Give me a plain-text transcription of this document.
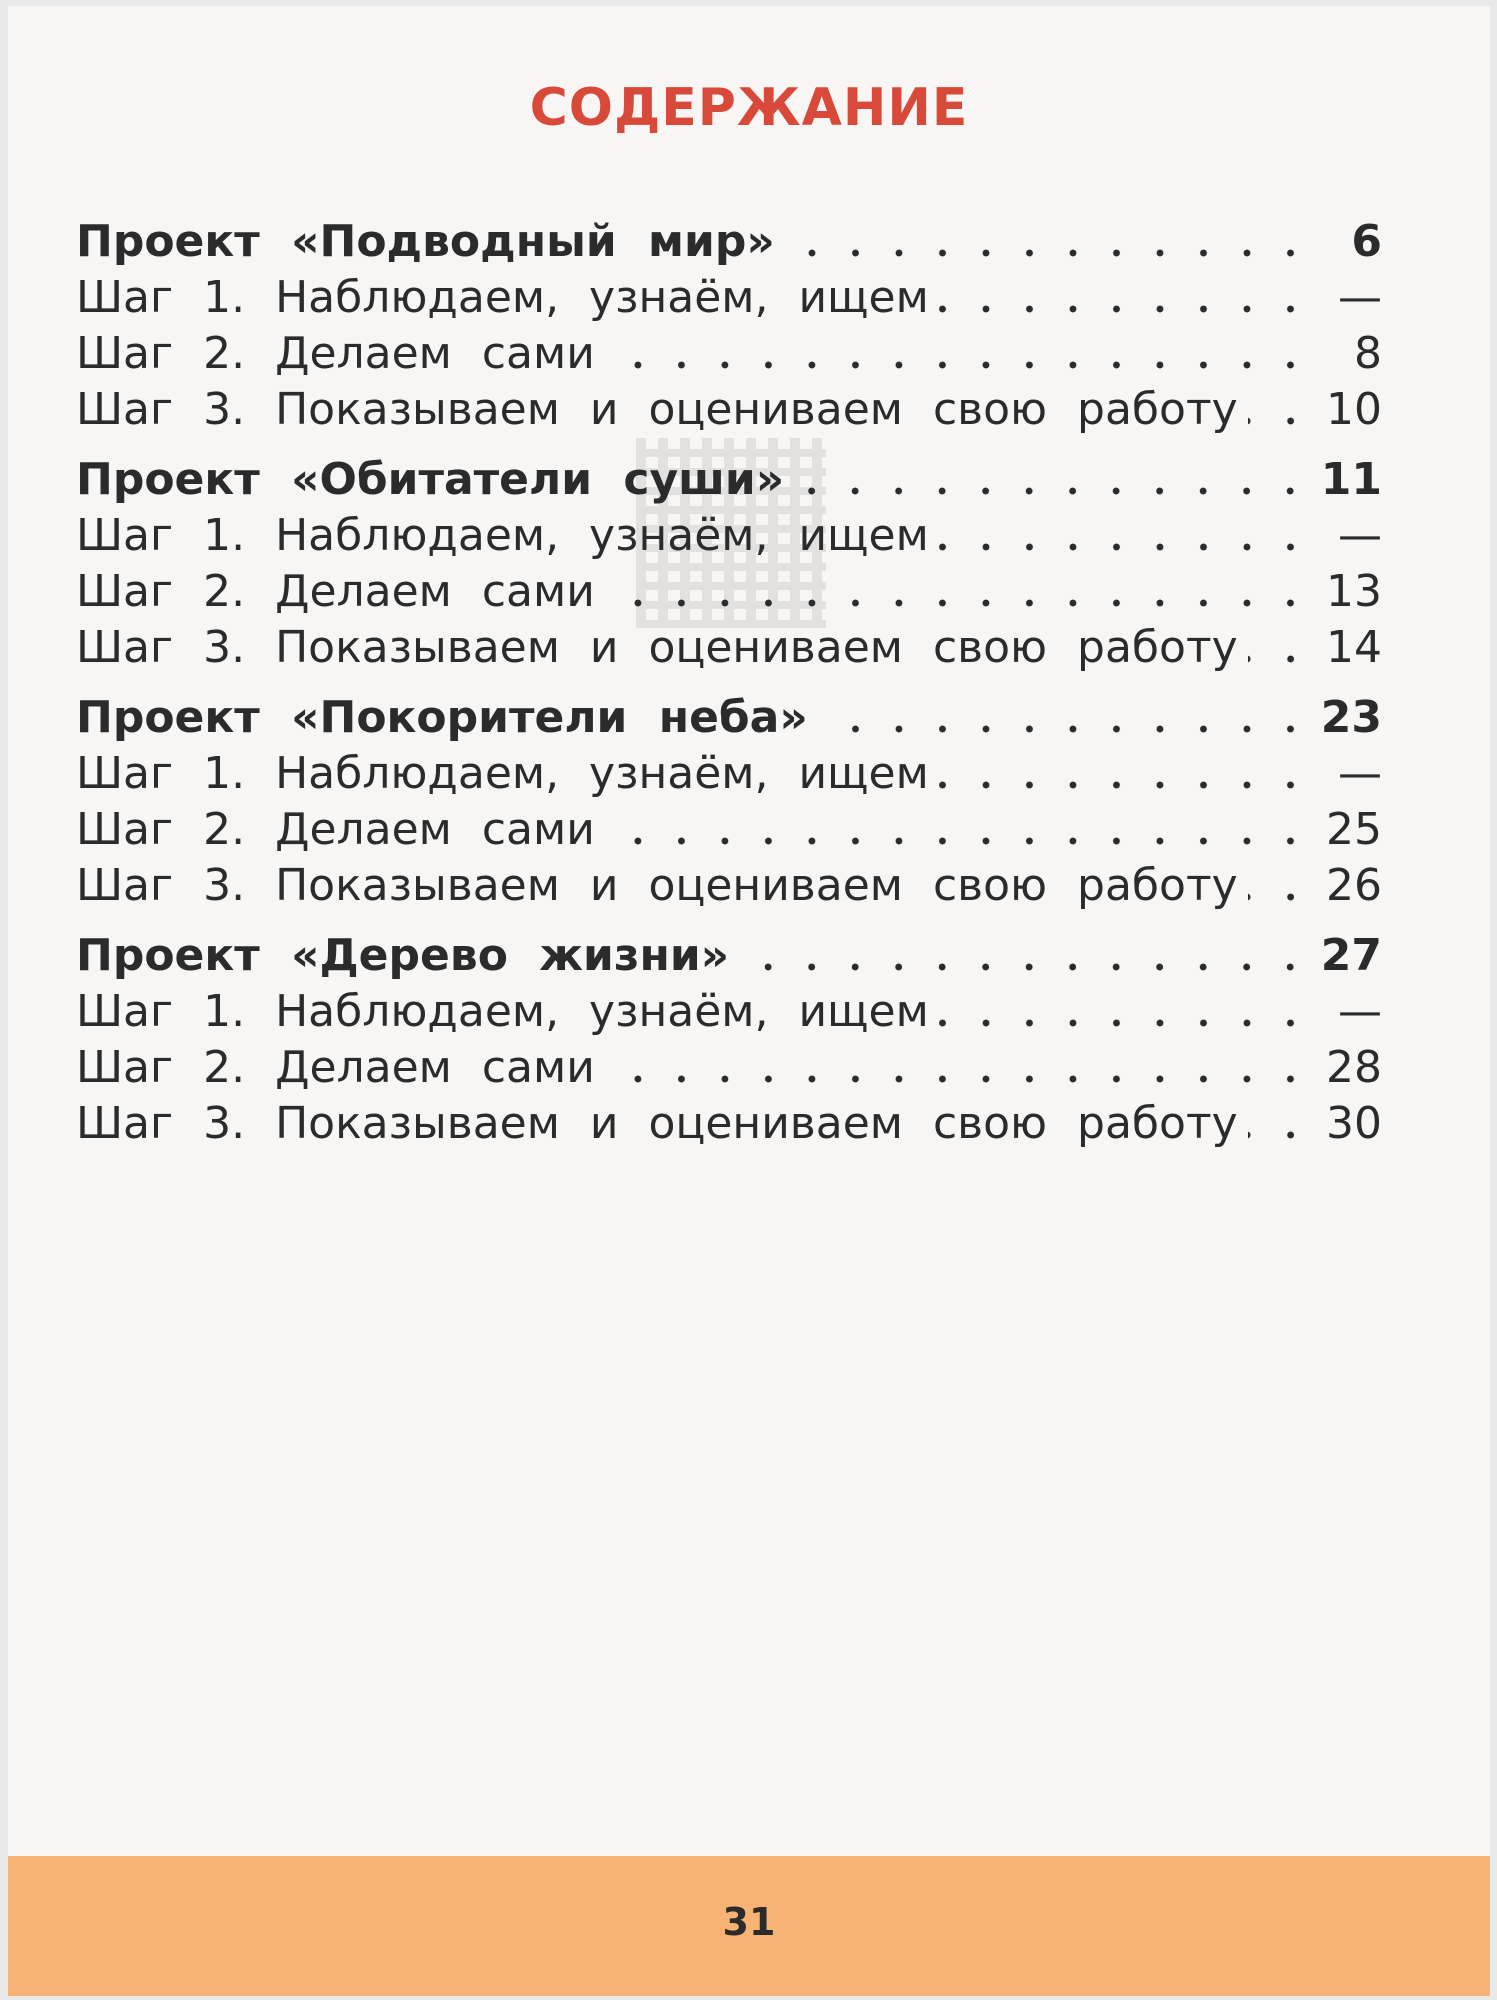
СОДЕРЖАНИЕ
Проект «Подводный мир»	6
Шаг 1. Наблюдаем, узнаём, ищем	—
Шаг 2. Делаем сами	8
Шаг 3. Показываем и оцениваем свою работу	10
Проект «Обитатели суши»	11
Шаг 1. Наблюдаем, узнаём, ищем	—
Шаг 2. Делаем сами	13
Шаг 3. Показываем и оцениваем свою работу	14
Проект «Покорители неба»	23
Шаг 1. Наблюдаем, узнаём, ищем	—
Шаг 2. Делаем сами	25
Шаг 3. Показываем и оцениваем свою работу	26
Проект «Дерево жизни»	27
Шаг 1. Наблюдаем, узнаём, ищем	—
Шаг 2. Делаем сами	28
Шаг 3. Показываем и оцениваем свою работу	30
31
